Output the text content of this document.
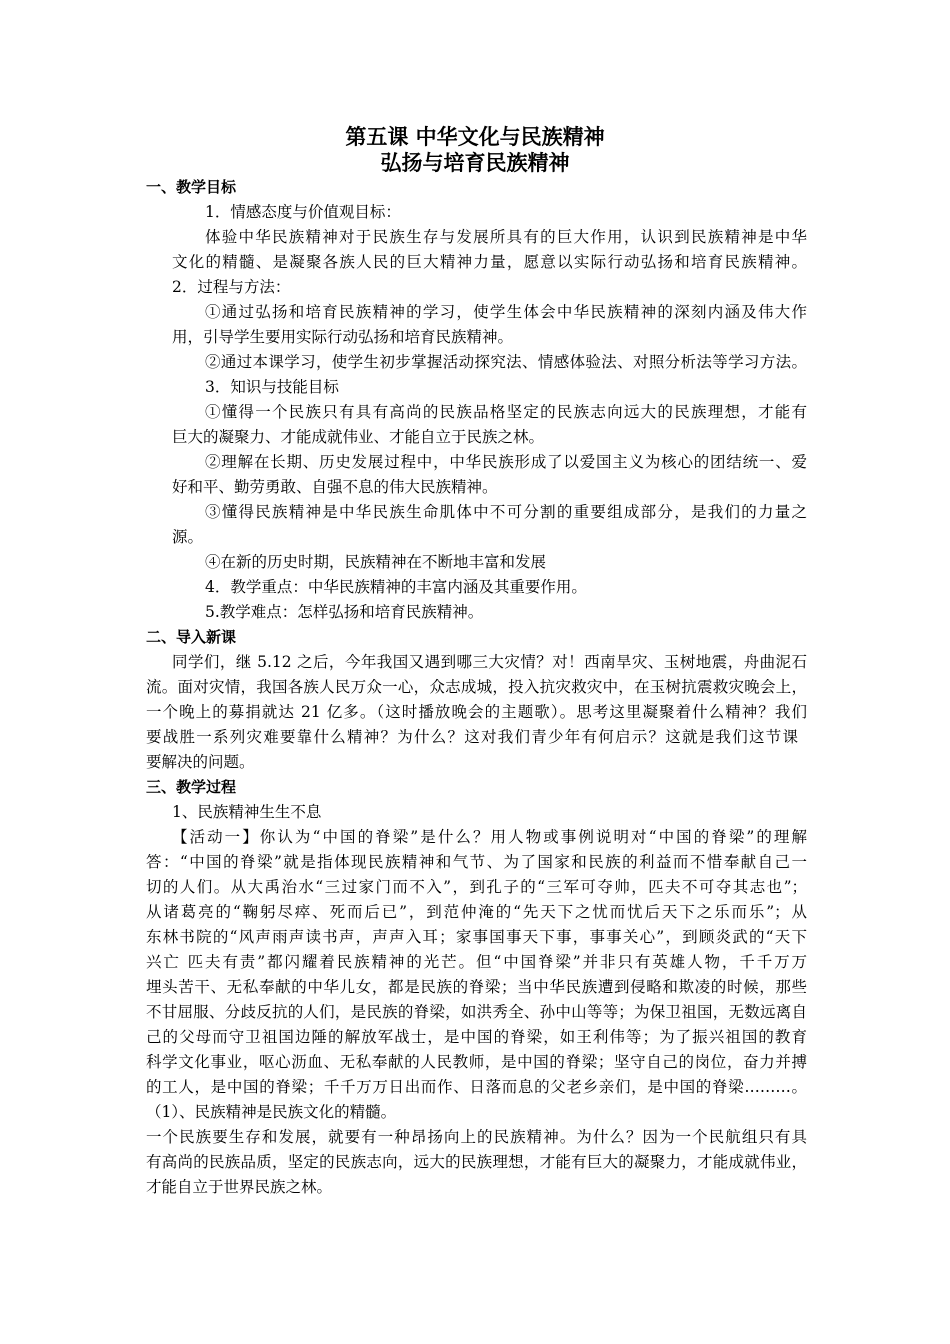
第五课 中华文化与民族精神
弘扬与培育民族精神
一、教学目标
1．情感态度与价值观目标：
体验中华民族精神对于民族生存与发展所具有的巨大作用，认识到民族精神是中华
文化的精髓、是凝聚各族人民的巨大精神力量，愿意以实际行动弘扬和培育民族精神。
2．过程与方法：
①通过弘扬和培育民族精神的学习，使学生体会中华民族精神的深刻内涵及伟大作
用，引导学生要用实际行动弘扬和培育民族精神。
②通过本课学习，使学生初步掌握活动探究法、情感体验法、对照分析法等学习方法。
3．知识与技能目标
①懂得一个民族只有具有高尚的民族品格坚定的民族志向远大的民族理想，才能有
巨大的凝聚力、才能成就伟业、才能自立于民族之林。
②理解在长期、历史发展过程中，中华民族形成了以爱国主义为核心的团结统一、爱
好和平、勤劳勇敢、自强不息的伟大民族精神。
③懂得民族精神是中华民族生命肌体中不可分割的重要组成部分，是我们的力量之
源。
④在新的历史时期，民族精神在不断地丰富和发展
4．教学重点：中华民族精神的丰富内涵及其重要作用。
5.教学难点：怎样弘扬和培育民族精神。
二、导入新课
同学们，继 5.12 之后，今年我国又遇到哪三大灾情？对！西南旱灾、玉树地震，舟曲泥石
流。面对灾情，我国各族人民万众一心，众志成城，投入抗灾救灾中，在玉树抗震救灾晚会上，
一个晚上的募捐就达 21 亿多。（这时播放晚会的主题歌）。思考这里凝聚着什么精神？我们
要战胜一系列灾难要靠什么精神？为什么？这对我们青少年有何启示？这就是我们这节课
要解决的问题。
三、教学过程
1、民族精神生生不息
【活动一】你认为“中国的脊梁”是什么？用人物或事例说明对“中国的脊梁”的理解
答：“中国的脊梁”就是指体现民族精神和气节、为了国家和民族的利益而不惜奉献自己一
切的人们。从大禹治水“三过家门而不入”，到孔子的“三军可夺帅，匹夫不可夺其志也”；
从诸葛亮的“鞠躬尽瘁、死而后已”，到范仲淹的“先天下之忧而忧后天下之乐而乐”；从
东林书院的“风声雨声读书声，声声入耳；家事国事天下事，事事关心”，到顾炎武的“天下
兴亡 匹夫有责”都闪耀着民族精神的光芒。但“中国脊梁”并非只有英雄人物，千千万万
埋头苦干、无私奉献的中华儿女，都是民族的脊梁；当中华民族遭到侵略和欺凌的时候，那些
不甘屈服、分歧反抗的人们，是民族的脊梁，如洪秀全、孙中山等等；为保卫祖国，无数远离自
己的父母而守卫祖国边陲的解放军战士，是中国的脊梁，如王利伟等；为了振兴祖国的教育
科学文化事业，呕心沥血、无私奉献的人民教师，是中国的脊梁；坚守自己的岗位，奋力并搏
的工人，是中国的脊梁；千千万万日出而作、日落而息的父老乡亲们，是中国的脊梁………。
（1）、民族精神是民族文化的精髓。
一个民族要生存和发展，就要有一种昂扬向上的民族精神。为什么？因为一个民航组只有具
有高尚的民族品质，坚定的民族志向，远大的民族理想，才能有巨大的凝聚力，才能成就伟业，
才能自立于世界民族之林。
